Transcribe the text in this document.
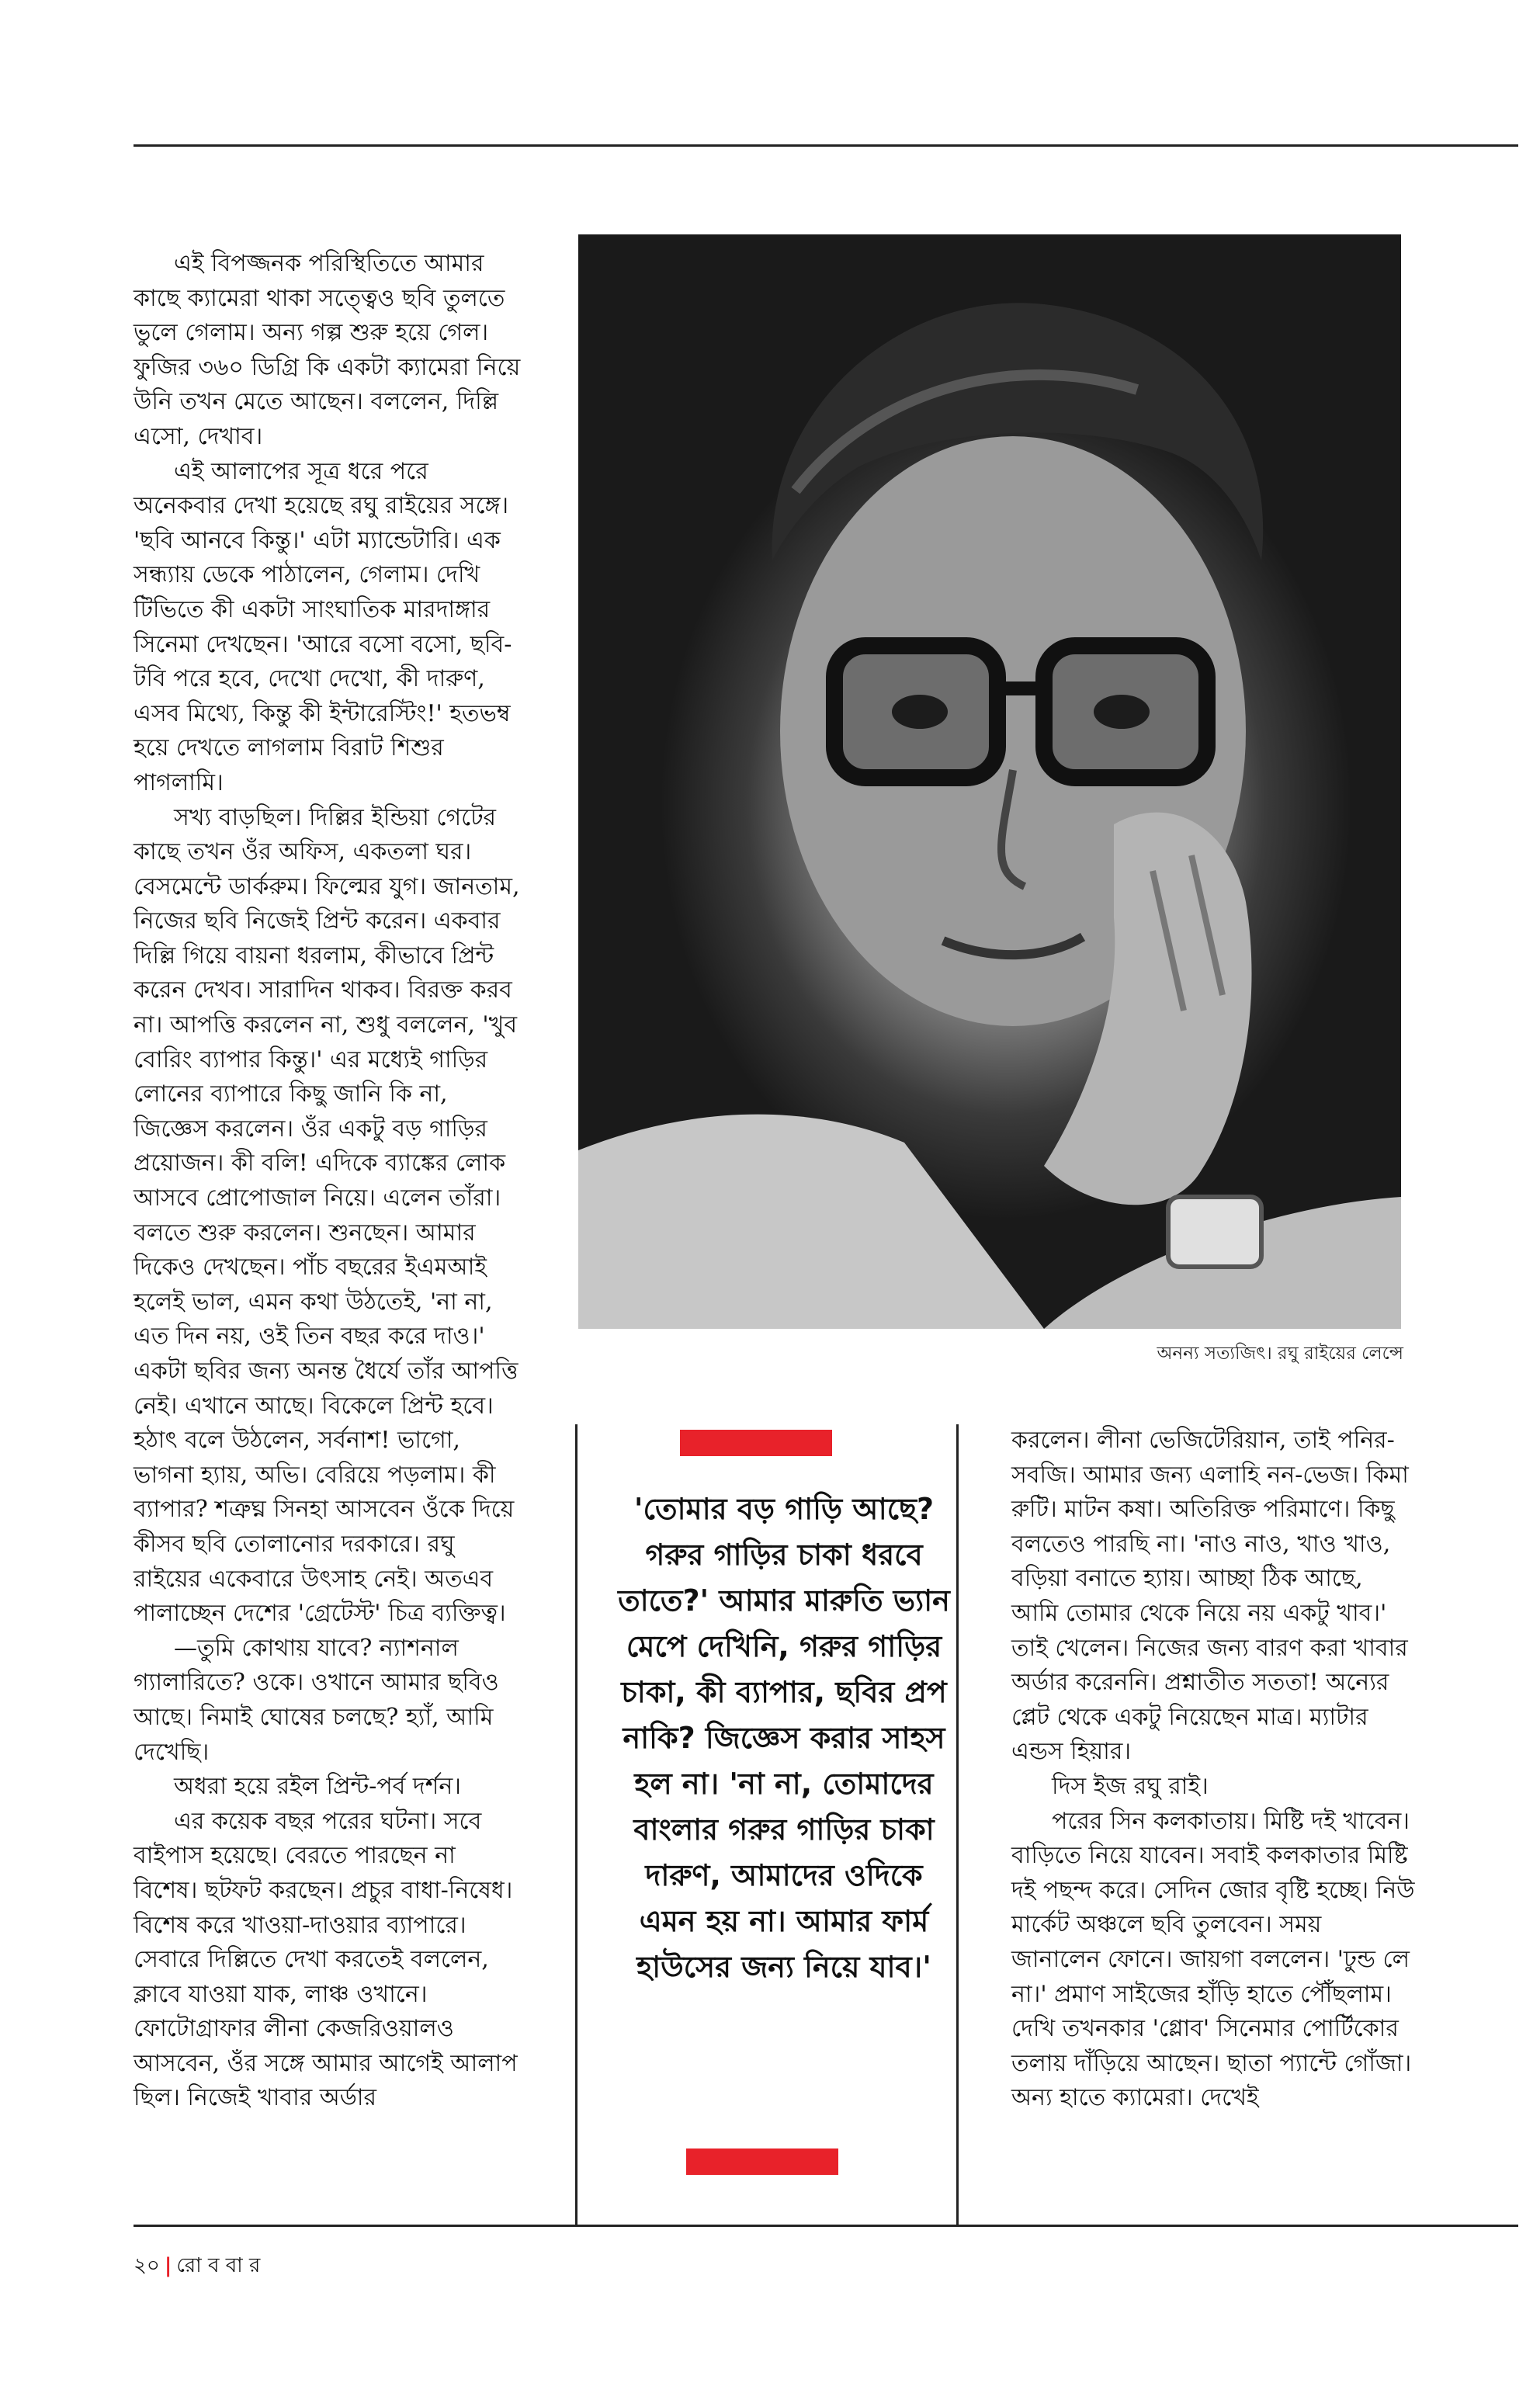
এই বিপজ্জনক পরিস্থিতিতে আমার কাছে ক্যামেরা থাকা সত্ত্বেও ছবি তুলতে ভুলে গেলাম। অন্য গল্প শুরু হয়ে গেল। ফুজির ৩৬০ ডিগ্রি কি একটা ক্যামেরা নিয়ে উনি তখন মেতে আছেন। বললেন, দিল্লি এসো, দেখাব।

এই আলাপের সূত্র ধরে পরে অনেকবার দেখা হয়েছে রঘু রাইয়ের সঙ্গে। 'ছবি আনবে কিন্তু।' এটা ম্যান্ডেটারি। এক সন্ধ্যায় ডেকে পাঠালেন, গেলাম। দেখি টিভিতে কী একটা সাংঘাতিক মারদাঙ্গার সিনেমা দেখছেন। 'আরে বসো বসো, ছবি-টবি পরে হবে, দেখো দেখো, কী দারুণ, এসব মিথ্যে, কিন্তু কী ইন্টারেস্টিং!' হতভম্ব হয়ে দেখতে লাগলাম বিরাট শিশুর পাগলামি।

সখ্য বাড়ছিল। দিল্লির ইন্ডিয়া গেটের কাছে তখন ওঁর অফিস, একতলা ঘর। বেসমেন্টে ডার্করুম। ফিল্মের যুগ। জানতাম, নিজের ছবি নিজেই প্রিন্ট করেন। একবার দিল্লি গিয়ে বায়না ধরলাম, কীভাবে প্রিন্ট করেন দেখব। সারাদিন থাকব। বিরক্ত করব না। আপত্তি করলেন না, শুধু বললেন, 'খুব বোরিং ব্যাপার কিন্তু।' এর মধ্যেই গাড়ির লোনের ব্যাপারে কিছু জানি কি না, জিজ্ঞেস করলেন। ওঁর একটু বড় গাড়ির প্রয়োজন। কী বলি! এদিকে ব্যাঙ্কের লোক আসবে প্রোপোজাল নিয়ে। এলেন তাঁরা। বলতে শুরু করলেন। শুনছেন। আমার দিকেও দেখছেন। পাঁচ বছরের ইএমআই হলেই ভাল, এমন কথা উঠতেই, 'না না, এত দিন নয়, ওই তিন বছর করে দাও।' একটা ছবির জন্য অনন্ত ধৈর্যে তাঁর আপত্তি নেই। এখানে আছে। বিকেলে প্রিন্ট হবে। হঠাৎ বলে উঠলেন, সর্বনাশ! ভাগো, ভাগনা হ্যায়, অভি। বেরিয়ে পড়লাম। কী ব্যাপার? শত্রুঘ্ন সিনহা আসবেন ওঁকে দিয়ে কীসব ছবি তোলানোর দরকারে। রঘু রাইয়ের একেবারে উৎসাহ নেই। অতএব পালাচ্ছেন দেশের 'গ্রেটেস্ট' চিত্র ব্যক্তিত্ব।

—তুমি কোথায় যাবে? ন্যাশনাল গ্যালারিতে? ওকে। ওখানে আমার ছবিও আছে। নিমাই ঘোষের চলছে? হ্যাঁ, আমি দেখেছি।

অধরা হয়ে রইল প্রিন্ট-পর্ব দর্শন।

এর কয়েক বছর পরের ঘটনা। সবে বাইপাস হয়েছে। বেরতে পারছেন না বিশেষ। ছটফট করছেন। প্রচুর বাধা-নিষেধ। বিশেষ করে খাওয়া-দাওয়ার ব্যাপারে। সেবারে দিল্লিতে দেখা করতেই বললেন, ক্লাবে যাওয়া যাক, লাঞ্চ ওখানে। ফোটোগ্রাফার লীনা কেজরিওয়ালও আসবেন, ওঁর সঙ্গে আমার আগেই আলাপ ছিল। নিজেই খাবার অর্ডার

অনন্য সত্যজিৎ। রঘু রাইয়ের লেন্সে
'তোমার বড় গাড়ি আছে? গরুর গাড়ির চাকা ধরবে তাতে?' আমার মারুতি ভ্যান মেপে দেখিনি, গরুর গাড়ির চাকা, কী ব্যাপার, ছবির প্রপ নাকি? জিজ্ঞেস করার সাহস হল না। 'না না, তোমাদের বাংলার গরুর গাড়ির চাকা দারুণ, আমাদের ওদিকে এমন হয় না। আমার ফার্ম হাউসের জন্য নিয়ে যাব।'

করলেন। লীনা ভেজিটেরিয়ান, তাই পনির-সবজি। আমার জন্য এলাহি নন-ভেজ। কিমা রুটি। মাটন কষা। অতিরিক্ত পরিমাণে। কিছু বলতেও পারছি না। 'নাও নাও, খাও খাও, বড়িয়া বনাতে হ্যায়। আচ্ছা ঠিক আছে, আমি তোমার থেকে নিয়ে নয় একটু খাব।' তাই খেলেন। নিজের জন্য বারণ করা খাবার অর্ডার করেননি। প্রশ্নাতীত সততা! অন্যের প্লেট থেকে একটু নিয়েছেন মাত্র। ম্যাটার এন্ডস হিয়ার।

দিস ইজ রঘু রাই।

পরের সিন কলকাতায়। মিষ্টি দই খাবেন। বাড়িতে নিয়ে যাবেন। সবাই কলকাতার মিষ্টি দই পছন্দ করে। সেদিন জোর বৃষ্টি হচ্ছে। নিউ মার্কেট অঞ্চলে ছবি তুলবেন। সময় জানালেন ফোনে। জায়গা বললেন। 'ঢুন্ড লে না।' প্রমাণ সাইজের হাঁড়ি হাতে পৌঁছলাম। দেখি তখনকার 'গ্লোব' সিনেমার পোর্টিকোর তলায় দাঁড়িয়ে আছেন। ছাতা প্যান্টে গোঁজা। অন্য হাতে ক্যামেরা। দেখেই

২০ | রো ব বা র
